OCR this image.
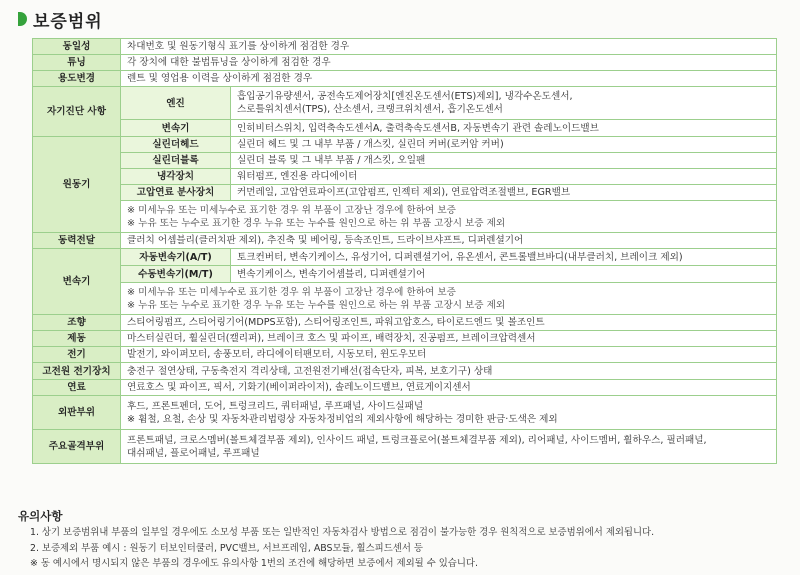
보증범위
동일성	차대번호 및 원동기형식 표기를 상이하게 점검한 경우	
튜닝	각 장치에 대한 불법튜닝을 상이하게 점검한 경우	
용도변경	렌트 및 영업용 이력을 상이하게 점검한 경우	
자기진단 사항	엔진	흡입공기유량센서, 공전속도제어장치[엔진온도센서(ETS)제외], 냉각수온도센서,
스로틀위치센서(TPS), 산소센서, 크랭크위치센서, 흡기온도센서

	변속기	인히비터스위치, 입력축속도센서A, 출력축속도센서B, 자동변속기 관련 솔레노이드밸브
원동기	실린더헤드	실린더 헤드 및 그 내부 부품 / 개스킷, 실린더 커버(로커암 커버)
	실린더블록	실린더 블록 및 그 내부 부품 / 개스킷, 오일팬
	냉각장치	워터펌프, 엔진용 라디에이터
	고압연료 분사장치	커먼레일, 고압연료파이프(고압펌프, 인젝터 제외), 연료압력조절밸브, EGR밸브

	※ 미세누유 또는 미세누수로 표기한 경우 위 부품이 고장난 경우에 한하여 보증
※ 누유 또는 누수로 표기한 경우 누유 또는 누수를 원인으로 하는 위 부품 고장시 보증 제외	

동력전달	클러치 어셈블리(클러치판 제외), 추진축 및 베어링, 등속조인트, 드라이브샤프트, 디퍼렌셜기어	
변속기	자동변속기(A/T)	토크컨버터, 변속기케이스, 유성기어, 디퍼렌셜기어, 유온센서, 콘트롤밸브바디(내부클러치, 브레이크 제외)
	수동변속기(M/T)	변속기케이스, 변속기어셈블리, 디퍼렌셜기어

	※ 미세누유 또는 미세누수로 표기한 경우 위 부품이 고장난 경우에 한하여 보증
※ 누유 또는 누수로 표기한 경우 누유 또는 누수를 원인으로 하는 위 부품 고장시 보증 제외	

조향	스티어링펌프, 스티어링기어(MDPS포함), 스티어링조인트, 파워고압호스, 타이로드엔드 및 볼조인트	
제동	마스터실린더, 휠실린더(캘리퍼), 브레이크 호스 및 파이프, 배력장치, 진공펌프, 브레이크압력센서	
전기	발전기, 와이퍼모터, 송풍모터, 라디에이터팬모터, 시동모터, 윈도우모터	
고전원 전기장치	충전구 절연상태, 구동축전지 격리상태, 고전원전기배선(접속단자, 피복, 보호기구) 상태	
연료	연료호스 및 파이프, 픽서, 기화기(베이퍼라이저), 솔레노이드밸브, 연료게이지센서	
외판부위	후드, 프론트펜더, 도어, 트렁크리드, 쿼터패널, 루프패널, 사이드실패널
※ 휨철, 요철, 손상 및 자동차관리법령상 자동차정비업의 제외사항에 해당하는 경미한 판금·도색은 제외	

주요골격부위	프론트패널, 크로스멤버(볼트체결부품 제외), 인사이드 패널, 트렁크플로어(볼트체결부품 제외), 리어패널, 사이드멤버, 휠하우스, 필러패널,
대쉬패널, 플로어패널, 루프패널	
유의사항
1. 상기 보증범위내 부품의 일부일 경우에도 소모성 부품 또는 일반적인 자동차검사 방법으로 점검이 불가능한 경우 원칙적으로 보증범위에서 제외됩니다.
2. 보증제외 부품 예시 : 원동기 터보인터쿨러, PVC밸브, 서브프레임, ABS모듈, 휠스피드센서 등
※ 동 예시에서 명시되지 않은 부품의 경우에도 유의사항 1번의 조건에 해당하면 보증에서 제외될 수 있습니다.
